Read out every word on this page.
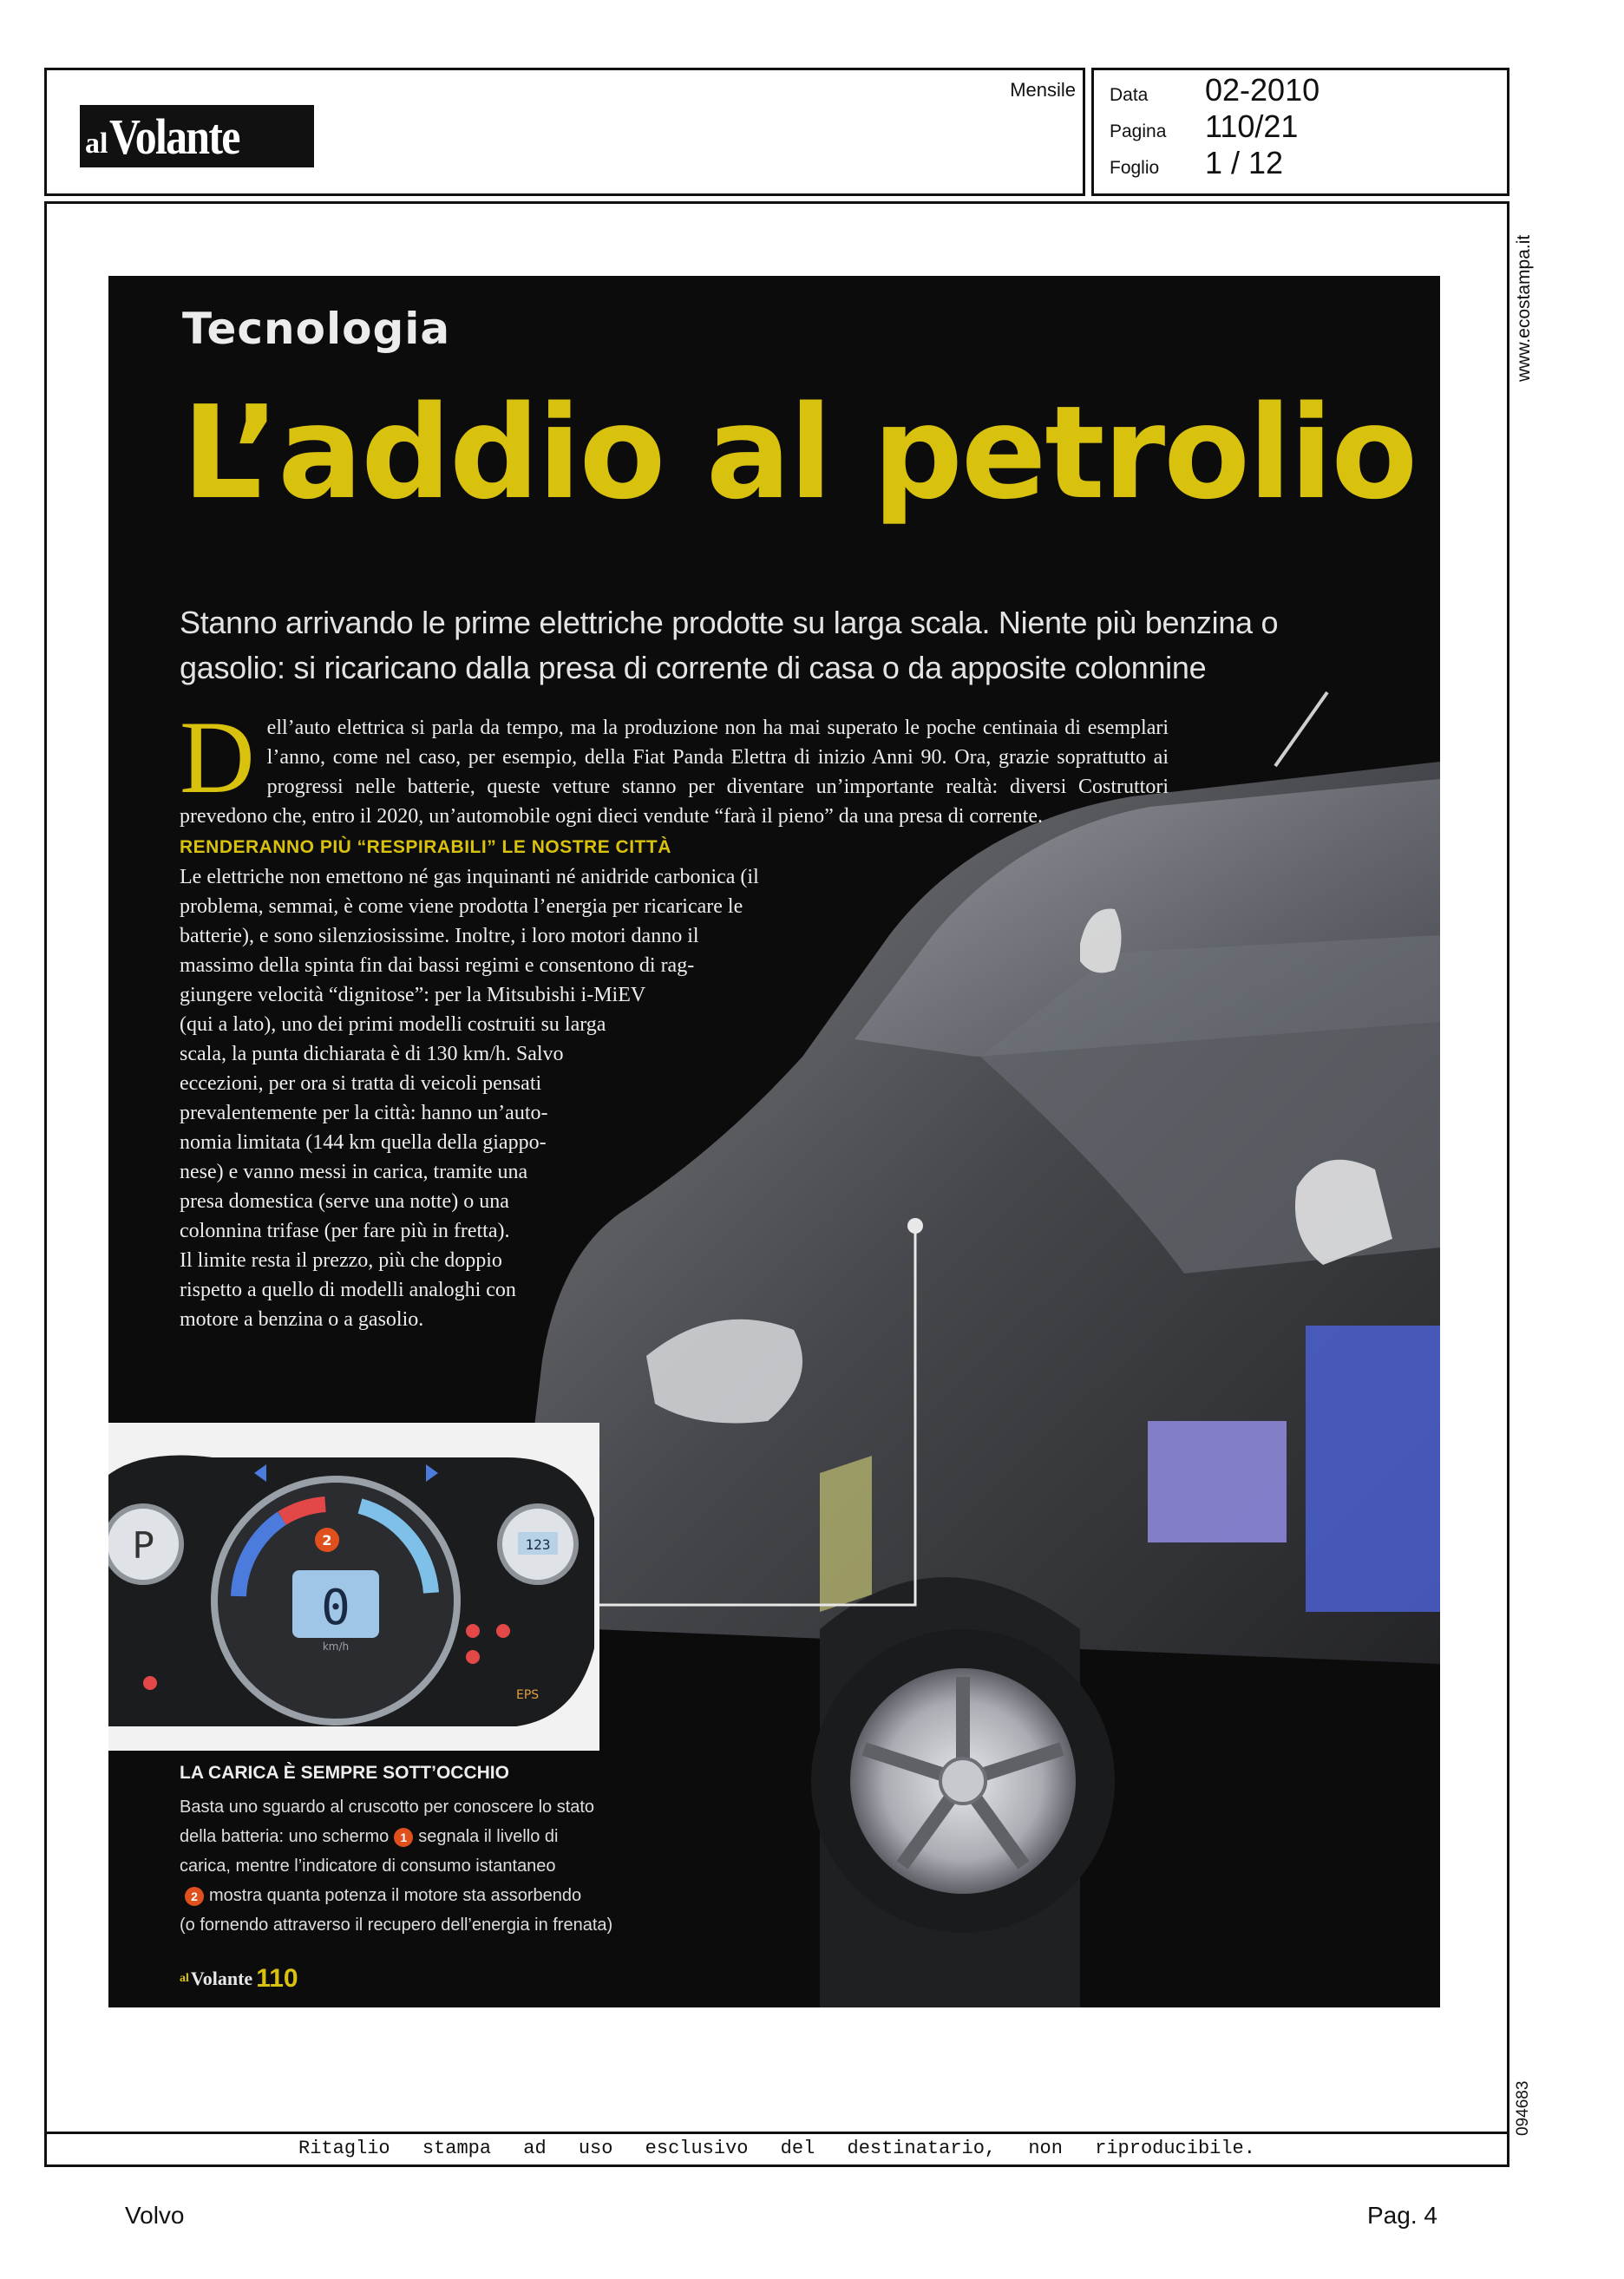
al Volante
Mensile Data	02-2010
Pagina	110/21
Foglio	1 / 12
www.ecostampa.it
094683
Tecnologia
L’addio al petrolio
Stanno arrivando le prime elettriche prodotte su larga scala. Niente più benzina o gasolio: si ricaricano dalla presa di corrente di casa o da apposite colonnine
D ell’auto elettrica si parla da tempo, ma la produzione non ha mai superato le poche centinaia di esemplari l’anno, come nel caso, per esempio, della Fiat Panda Elettra di inizio Anni 90. Ora, grazie soprattutto ai progressi nelle batterie, queste vetture stanno per diventare un’importante realtà: diversi Costruttori prevedono che, entro il 2020, un’automobile ogni dieci vendute “farà il pieno” da una presa di corrente.
RENDERANNO PIÙ “RESPIRABILI” LE NOSTRE CITTÀ
Le elettriche non emettono né gas inquinanti né anidride carbonica (il
problema, semmai, è come viene prodotta l’energia per ricaricare le
batterie), e sono silenziosissime. Inoltre, i loro motori danno il
massimo della spinta fin dai bassi regimi e consentono di rag-
giungere velocità “dignitose”: per la Mitsubishi i-MiEV
(qui a lato), uno dei primi modelli costruiti su larga
scala, la punta dichiarata è di 130 km/h. Salvo
eccezioni, per ora si tratta di veicoli pensati
prevalentemente per la città: hanno un’auto-
nomia limitata (144 km quella della giappo-
nese) e vanno messi in carica, tramite una
presa domestica (serve una notte) o una
colonnina trifase (per fare più in fretta).
Il limite resta il prezzo, più che doppio
rispetto a quello di modelli analoghi con
motore a benzina o a gasolio.
P
0
km/h
2	123
EPS
LA CARICA È SEMPRE SOTT’OCCHIO
Basta uno sguardo al cruscotto per conoscere lo stato
della batteria: uno schermo 1 segnala il livello di
carica, mentre l’indicatore di consumo istantaneo
2 mostra quanta potenza il motore sta assorbendo
(o fornendo attraverso il recupero dell’energia in frenata)
al Volante 110
Ritaglio stampa ad uso esclusivo del destinatario, non riproducibile.
Volvo	Pag. 4
